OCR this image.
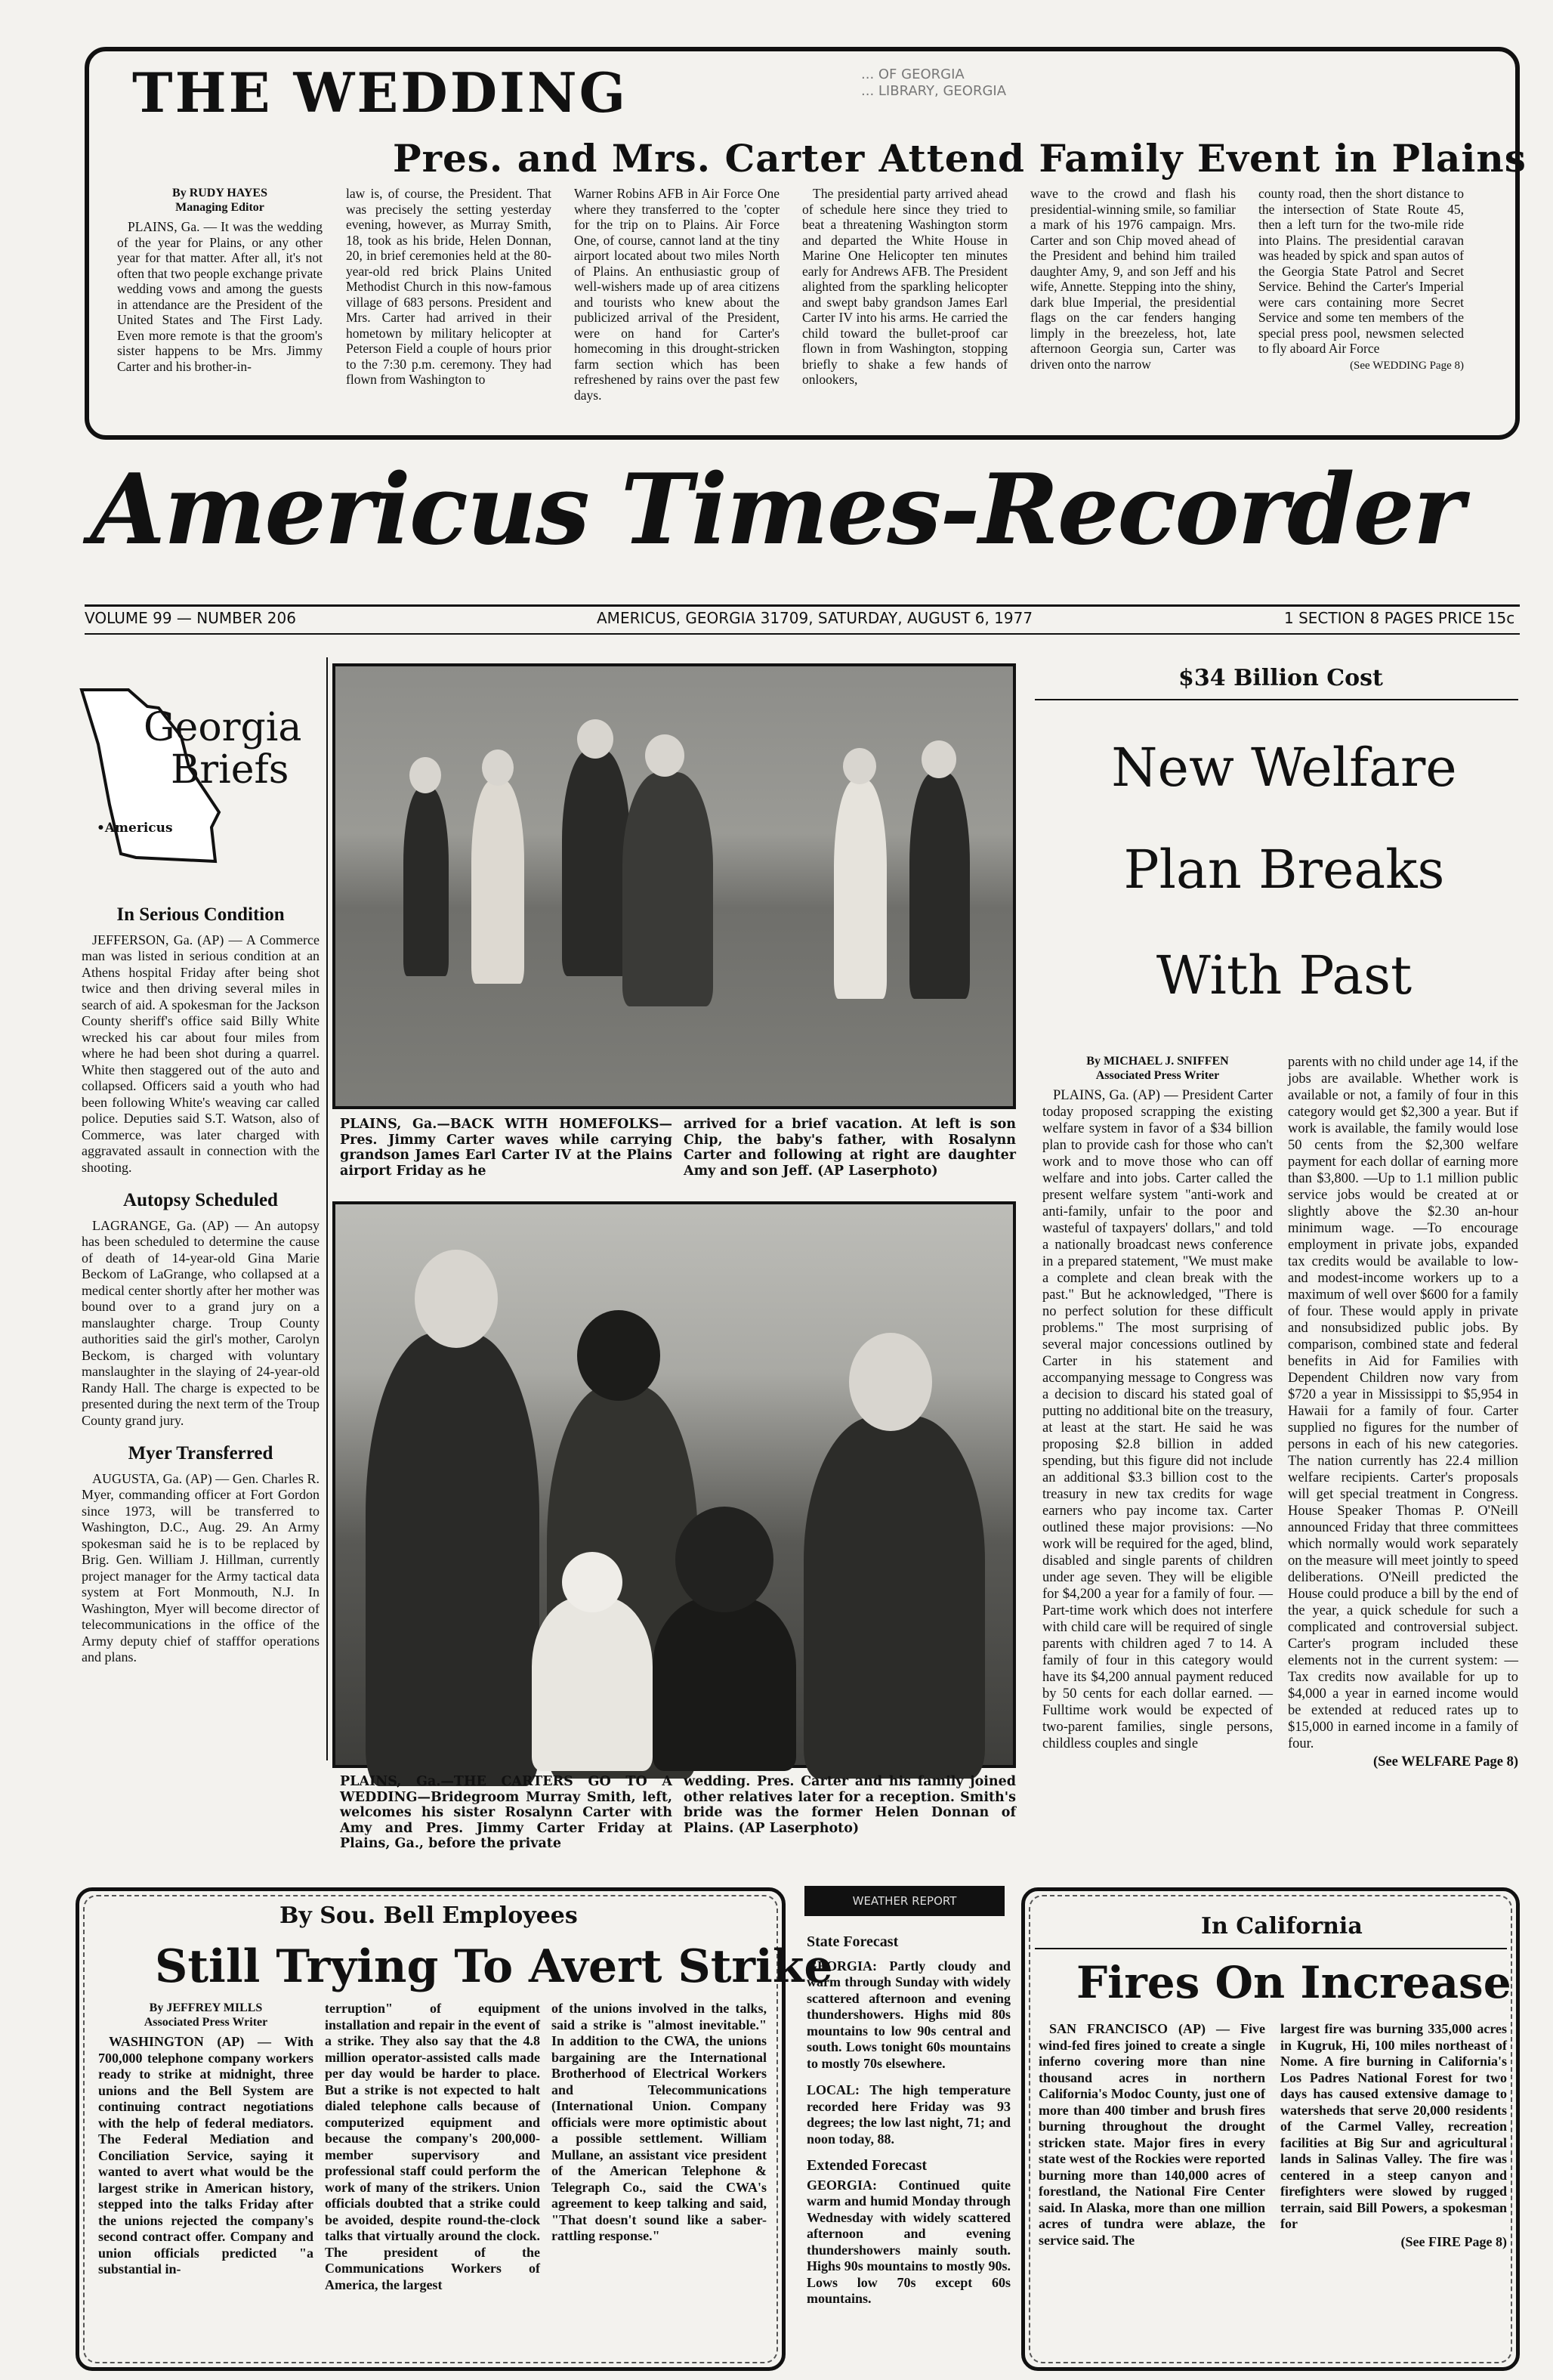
THE WEDDING	... OF GEORGIA
... LIBRARY, GEORGIA
Pres. and Mrs. Carter Attend Family Event in Plains
By RUDY HAYES
Managing Editor

PLAINS, Ga. — It was the wedding of the year for Plains, or any other year for that matter. After all, it's not often that two people exchange private wedding vows and among the guests in attendance are the President of the United States and The First Lady. Even more remote is that the groom's sister happens to be Mrs. Jimmy Carter and his brother-in-

law is, of course, the President. That was precisely the setting yesterday evening, however, as Murray Smith, 18, took as his bride, Helen Donnan, 20, in brief ceremonies held at the 80-year-old red brick Plains United Methodist Church in this now-famous village of 683 persons. President and Mrs. Carter had arrived in their hometown by military helicopter at Peterson Field a couple of hours prior to the 7:30 p.m. ceremony. They had flown from Washington to

Warner Robins AFB in Air Force One where they transferred to the 'copter for the trip on to Plains. Air Force One, of course, cannot land at the tiny airport located about two miles North of Plains. An enthusiastic group of well-wishers made up of area citizens and tourists who knew about the publicized arrival of the President, were on hand for Carter's homecoming in this drought-stricken farm section which has been refreshened by rains over the past few days.

The presidential party arrived ahead of schedule here since they tried to beat a threatening Washington storm and departed the White House in Marine One Helicopter ten minutes early for Andrews AFB. The President alighted from the sparkling helicopter and swept baby grandson James Earl Carter IV into his arms. He carried the child toward the bullet-proof car flown in from Washington, stopping briefly to shake a few hands of onlookers,

wave to the crowd and flash his presidential-winning smile, so familiar a mark of his 1976 campaign. Mrs. Carter and son Chip moved ahead of the President and behind him trailed daughter Amy, 9, and son Jeff and his wife, Annette. Stepping into the shiny, dark blue Imperial, the presidential flags on the car fenders hanging limply in the breezeless, hot, late afternoon Georgia sun, Carter was driven onto the narrow

county road, then the short distance to the intersection of State Route 45, then a left turn for the two-mile ride into Plains. The presidential caravan was headed by spick and span autos of the Georgia State Patrol and Secret Service. Behind the Carter's Imperial were cars containing more Secret Service and some ten members of the special press pool, newsmen selected to fly aboard Air Force

(See WEDDING Page 8)

Americus Times-Recorder
VOLUME 99 — NUMBER 206	AMERICUS, GEORGIA 31709, SATURDAY, AUGUST 6, 1977	1 SECTION 8 PAGES PRICE 15c
Georgia
Briefs
•Americus
In Serious Condition

JEFFERSON, Ga. (AP) — A Commerce man was listed in serious condition at an Athens hospital Friday after being shot twice and then driving several miles in search of aid. A spokesman for the Jackson County sheriff's office said Billy White wrecked his car about four miles from where he had been shot during a quarrel. White then staggered out of the auto and collapsed. Officers said a youth who had been following White's weaving car called police. Deputies said S.T. Watson, also of Commerce, was later charged with aggravated assault in connection with the shooting.

Autopsy Scheduled

LAGRANGE, Ga. (AP) — An autopsy has been scheduled to determine the cause of death of 14-year-old Gina Marie Beckom of LaGrange, who collapsed at a medical center shortly after her mother was bound over to a grand jury on a manslaughter charge. Troup County authorities said the girl's mother, Carolyn Beckom, is charged with voluntary manslaughter in the slaying of 24-year-old Randy Hall. The charge is expected to be presented during the next term of the Troup County grand jury.

Myer Transferred

AUGUSTA, Ga. (AP) — Gen. Charles R. Myer, commanding officer at Fort Gordon since 1973, will be transferred to Washington, D.C., Aug. 29. An Army spokesman said he is to be replaced by Brig. Gen. William J. Hillman, currently project manager for the Army tactical data system at Fort Monmouth, N.J. In Washington, Myer will become director of telecommunications in the office of the Army deputy chief of stafffor operations and plans.

PLAINS, Ga.—BACK WITH HOMEFOLKS—Pres. Jimmy Carter waves while carrying grandson James Earl Carter IV at the Plains airport Friday as he
arrived for a brief vacation. At left is son Chip, the baby's father, with Rosalynn Carter and following at right are daughter Amy and son Jeff. (AP Laserphoto)
PLAINS, Ga.—THE CARTERS GO TO A WEDDING—Bridegroom Murray Smith, left, welcomes his sister Rosalynn Carter with Amy and Pres. Jimmy Carter Friday at Plains, Ga., before the private
wedding. Pres. Carter and his family joined other relatives later for a reception. Smith's bride was the former Helen Donnan of Plains. (AP Laserphoto)
$34 Billion Cost
New Welfare
Plan Breaks
With Past
By MICHAEL J. SNIFFEN
Associated Press Writer

PLAINS, Ga. (AP) — President Carter today proposed scrapping the existing welfare system in favor of a $34 billion plan to provide cash for those who can't work and to move those who can off welfare and into jobs. Carter called the present welfare system "anti-work and anti-family, unfair to the poor and wasteful of taxpayers' dollars," and told a nationally broadcast news conference in a prepared statement, "We must make a complete and clean break with the past." But he acknowledged, "There is no perfect solution for these difficult problems." The most surprising of several major concessions outlined by Carter in his statement and accompanying message to Congress was a decision to discard his stated goal of putting no additional bite on the treasury, at least at the start. He said he was proposing $2.8 billion in added spending, but this figure did not include an additional $3.3 billion cost to the treasury in new tax credits for wage earners who pay income tax. Carter outlined these major provisions: —No work will be required for the aged, blind, disabled and single parents of children under age seven. They will be eligible for $4,200 a year for a family of four. —Part-time work which does not interfere with child care will be required of single parents with children aged 7 to 14. A family of four in this category would have its $4,200 annual payment reduced by 50 cents for each dollar earned. —Fulltime work would be expected of two-parent families, single persons, childless couples and single

parents with no child under age 14, if the jobs are available. Whether work is available or not, a family of four in this category would get $2,300 a year. But if work is available, the family would lose 50 cents from the $2,300 welfare payment for each dollar of earning more than $3,800. —Up to 1.1 million public service jobs would be created at or slightly above the $2.30 an-hour minimum wage. —To encourage employment in private jobs, expanded tax credits would be available to low-and modest-income workers up to a maximum of well over $600 for a family of four. These would apply in private and nonsubsidized public jobs. By comparison, combined state and federal benefits in Aid for Families with Dependent Children now vary from $720 a year in Mississippi to $5,954 in Hawaii for a family of four. Carter supplied no figures for the number of persons in each of his new categories. The nation currently has 22.4 million welfare recipients. Carter's proposals will get special treatment in Congress. House Speaker Thomas P. O'Neill announced Friday that three committees which normally would work separately on the measure will meet jointly to speed deliberations. O'Neill predicted the House could produce a bill by the end of the year, a quick schedule for such a complicated and controversial subject. Carter's program included these elements not in the current system: —Tax credits now available for up to $4,000 a year in earned income would be extended at reduced rates up to $15,000 in earned income in a family of four.

(See WELFARE Page 8)

By Sou. Bell Employees
Still Trying To Avert Strike
By JEFFREY MILLS
Associated Press Writer

WASHINGTON (AP) — With 700,000 telephone company workers ready to strike at midnight, three unions and the Bell System are continuing contract negotiations with the help of federal mediators. The Federal Mediation and Conciliation Service, saying it wanted to avert what would be the largest strike in American history, stepped into the talks Friday after the unions rejected the company's second contract offer. Company and union officials predicted "a substantial in-

terruption" of equipment installation and repair in the event of a strike. They also say that the 4.8 million operator-assisted calls made per day would be harder to place. But a strike is not expected to halt dialed telephone calls because of computerized equipment and because the company's 200,000-member supervisory and professional staff could perform the work of many of the strikers. Union officials doubted that a strike could be avoided, despite round-the-clock talks that virtually around the clock. The president of the Communications Workers of America, the largest

of the unions involved in the talks, said a strike is "almost inevitable." In addition to the CWA, the unions bargaining are the International Brotherhood of Electrical Workers and Telecommunications (International Union. Company officials were more optimistic about a possible settlement. William Mullane, an assistant vice president of the American Telephone & Telegraph Co., said the CWA's agreement to keep talking and said, "That doesn't sound like a saber-rattling response."

WEATHER REPORT
State Forecast

GEORGIA: Partly cloudy and warm through Sunday with widely scattered afternoon and evening thundershowers. Highs mid 80s mountains to low 90s central and south. Lows tonight 60s mountains to mostly 70s elsewhere.

LOCAL: The high temperature recorded here Friday was 93 degrees; the low last night, 71; and noon today, 88.

Extended Forecast

GEORGIA: Continued quite warm and humid Monday through Wednesday with widely scattered afternoon and evening thundershowers mainly south. Highs 90s mountains to mostly 90s. Lows low 70s except 60s mountains.

In California
Fires On Increase

SAN FRANCISCO (AP) — Five wind-fed fires joined to create a single inferno covering more than nine thousand acres in northern California's Modoc County, just one of more than 400 timber and brush fires burning throughout the drought stricken state. Major fires in every state west of the Rockies were reported burning more than 140,000 acres of forestland, the National Fire Center said. In Alaska, more than one million acres of tundra were ablaze, the service said. The

largest fire was burning 335,000 acres in Kugruk, Hi, 100 miles northeast of Nome. A fire burning in California's Los Padres National Forest for two days has caused extensive damage to watersheds that serve 20,000 residents of the Carmel Valley, recreation facilities at Big Sur and agricultural lands in Salinas Valley. The fire was centered in a steep canyon and firefighters were slowed by rugged terrain, said Bill Powers, a spokesman for

(See FIRE Page 8)
